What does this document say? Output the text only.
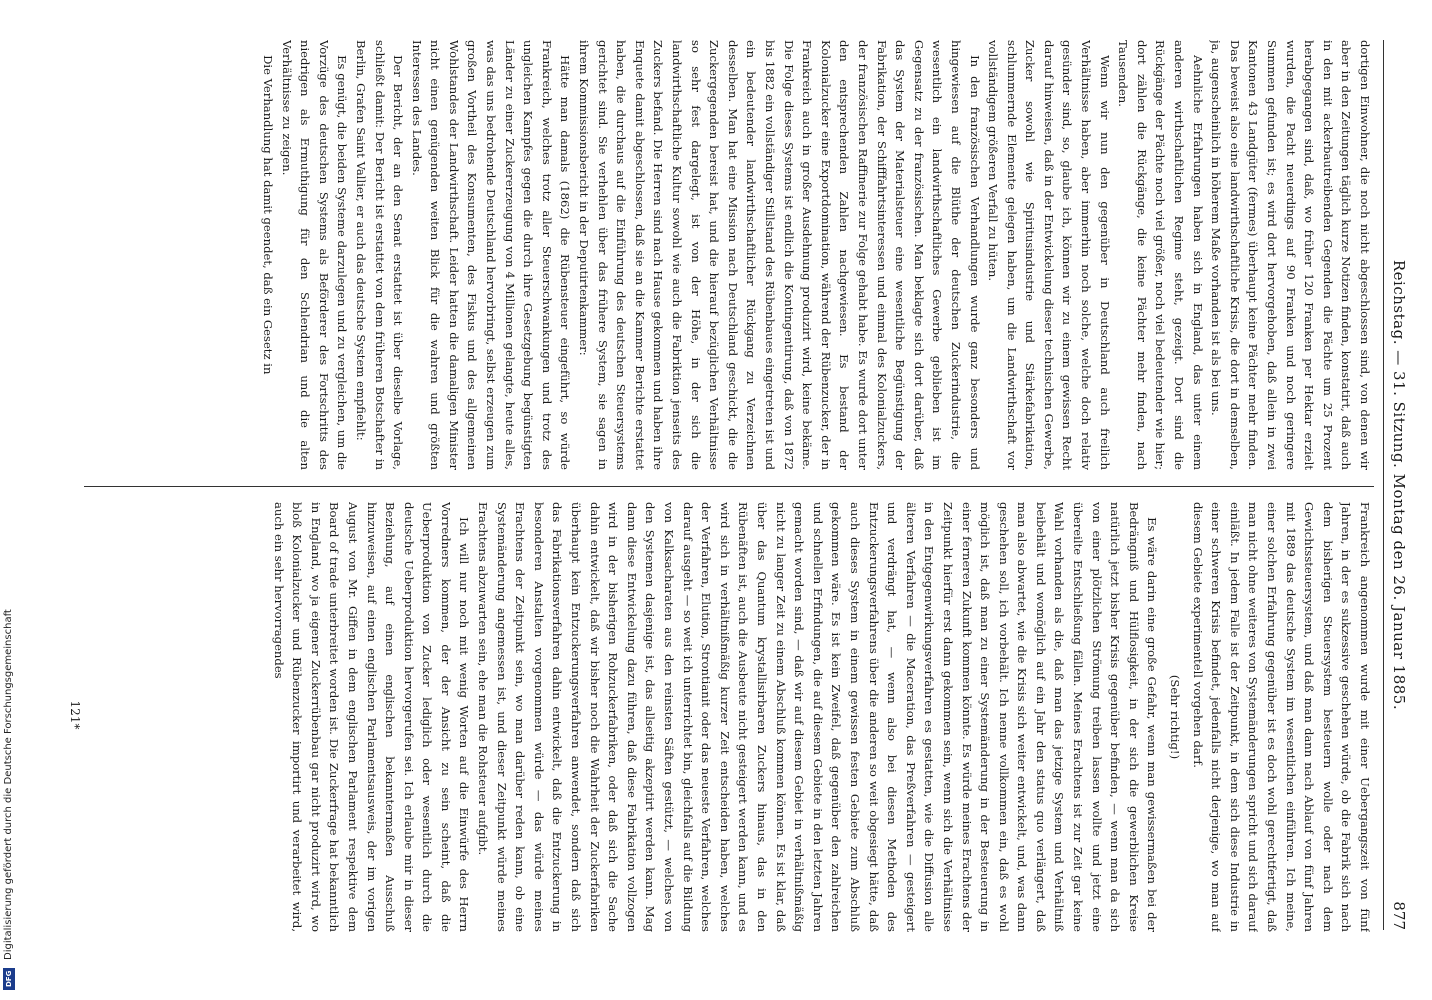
Reichstag. — 31. Sitzung. Montag den 26. Januar 1885.
877

dortigen Einwohner, die noch nicht abgeschlossen sind, von denen wir aber in den Zeitungen täglich kurze Notizen finden, konstatirt, daß auch in den mit ackerbautreibenden Gegenden die Pächte um 25 Prozent herabgegangen sind, daß, wo früher 120 Franken per Hektar erzielt wurden, die Pacht neuerdings auf 90 Franken und noch geringere Summen gefunden ist; es wird dort hervorgehoben, daß allein in zwei Kantonen 43 Landgüter (fermes) überhaupt keine Pächter mehr finden. Das beweist also eine landwirthschaftliche Krisis, die dort in demselben, ja, augenscheinlich in höherem Maße vorhanden ist als bei uns.

Aehnliche Erfahrungen haben sich in England, das unter einem anderen wirthschaftlichen Regime steht, gezeigt. Dort sind die Rückgänge der Pächte noch viel größer, noch viel bedeutender wie hier; dort zählen die Rückgänge, die keine Pächter mehr finden, nach Tausenden.

Wenn wir nun den gegenüber in Deutschland auch freilich Verhältnisse haben, aber immerhin noch solche, welche doch relativ gesünder sind, so, glaube ich, können wir zu einem gewissen Recht darauf hinweisen, daß in der Entwickelung dieser technischen Gewerbe, Zucker sowohl wie Spiritusindustrie und Stärkefabrikation, schlummernde Elemente gelegen haben, um die Landwirthschaft vor vollständigem größeren Verfall zu hüten.

In den französischen Verhandlungen wurde ganz besonders und hingewiesen auf die Blüthe der deutschen Zuckerindustrie, die wesentlich ein landwirthschaftliches Gewerbe geblieben ist im Gegensatz zu der französischen. Man beklagte sich dort darüber, daß das System der Materialsteuer eine wesentliche Begünstigung der Fabrikation, der Schifffahrtsinteressen und einmal des Kolonialzuckers, der französischen Raffinerie zur Folge gehabt habe. Es wurde dort unter den entsprechenden Zahlen nachgewiesen. Es bestand der Kolonialzucker eine Exportdomination, während der Rübenzucker, der in Frankreich auch in großer Ausdehnung produzirt wird, keine bekäme. Die Folge dieses Systems ist endlich die Kontingentirung, daß von 1872 bis 1882 ein vollständiger Stillstand des Rübenbaues eingetreten ist und ein bedeutender landwirthschaftlicher Rückgang zu Verzeichnen desselben. Man hat eine Mission nach Deutschland geschickt, die die Zuckergegenden bereist hat, und die hierauf bezüglichen Verhältnisse so sehr fest dargelegt, ist von der Höhe, in der sich die landwirthschaftliche Kultur sowohl wie auch die Fabriktion jenseits des Zuckers befand. Die Herren sind nach Hause gekommen und haben ihre Enquete damit abgeschlossen, daß sie an die Kammer Berichte erstattet haben, die durchaus auf die Einführung des deutschen Steuersystems gerichtet sind. Sie verhehlen über das frühere System, sie sagen in ihrem Kommissionsbericht in der Deputirtenkammer:

Hätte man damals (1862) die Rübensteuer eingeführt, so würde Frankreich, welches trotz aller Steuerschwankungen und trotz des ungleichen Kampfes gegen die durch ihre Gesetzgebung begünstigten Länder zu einer Zuckererzeugung von 4 Millionen gelangte, heute alles, was das uns bedrohende Deutschland hervorbringt, selbst erzeugen zum großen Vortheil des Konsumenten, des Fiskus und des allgemeinen Wohlstandes der Landwirthschaft. Leider hatten die damaligen Minister nicht einen genügenden weiten Blick für die wahren und größten Interessen des Landes.

Der Bericht, der an den Senat erstattet ist über dieselbe Vorlage, schließt damit: Der Bericht ist erstattet von dem früheren Botschafter in Berlin, Grafen Saint Vallier, er auch das deutsche System empfiehlt:

Es genügt, die beiden Systeme darzulegen und zu vergleichen, um die Vorzüge des deutschen Systems als Beförderer des Fortschritts des niedrigen als Ermuthigung für den Schlendrian und die alten Verhältnisse zu zeigen.

Die Verhandlung hat damit geendet, daß ein Gesetz in

Frankreich angenommen wurde mit einer Uebergangszeit von fünf Jahren, in der es sukzessive geschehen würde, ob die Fabrik sich nach dem bisherigen Steuersystem besteuern wolle oder nach dem Gewichtssteuersystem, und daß man dann nach Ablauf von fünf Jahren mit 1889 das deutsche System im wesentlichen einführen. Ich meine, einer solchen Erfahrung gegenüber ist es doch wohl gerechtfertigt, daß man nicht ohne weiteres von Systemänderungen spricht und sich darauf einläßt. In jedem Falle ist der Zeitpunkt, in dem sich diese Industrie in einer schweren Krisis befindet, jedenfalls nicht derjenige, wo man auf diesem Gebiete experimentell vorgehen darf.

(Sehr richtig!)

Es wäre darin eine große Gefahr, wenn man gewissermaßen bei der Bedrängniß und Hülflosigkeit, in der sich die gewerblichen Kreise natürlich jetzt bisher Krisis gegenüber befinden, — wenn man da sich von einer plötzlichen Strömung treiben lassen wollte und jetzt eine übereilte Entschließung fällen. Meines Erachtens ist zur Zeit gar keine Wahl vorhanden als die, daß man das jetzige System und Verhältniß beibehält und womöglich auf ein Jahr den status quo verlängert, daß man also abwartet, wie die Krisis sich weiter entwickelt, und, was dann geschehen soll, ich vorbehält. Ich nenne vollkommen ein, daß es wohl möglich ist, daß man zu einer Systemänderung in der Besteuerung in einer ferneren Zukunft kommen könnte. Es würde meines Erachtens der Zeitpunkt hierfür erst dann gekommen sein, wenn sich die Verhältnisse in den Entgegenwirkungsverfahren es gestatten, wie die Diffusion alle älteren Verfahren — die Maceration, das Preßverfahren — gesteigert und verdrängt hat, — wenn also bei diesen Methoden des Entzuckerungsverfahrens über die anderen so weit obgesiegt hätte, daß auch dieses System in einem gewissen festen Gebiete zum Abschluß gekommen wäre. Es ist kein Zweifel, daß gegenüber den zahlreichen und schnellen Erfindungen, die auf diesem Gebiete in den letzten Jahren gemacht worden sind, — daß wir auf diesem Gebiet in verhältnißmäßig nicht zu langer Zeit zu einem Abschluß kommen können. Es ist klar, daß über das Quantum krystallisirbaren Zuckers hinaus, das in den Rübenäften ist, auch die Ausbeute nicht gesteigert werden kann, und es wird sich in verhältnißmäßig kurzer Zeit entscheiden haben, welches der Verfahren, Elution, Strontianit oder das neueste Verfahren, welches darauf ausgeht — so weit ich unterrichtet bin, gleichfalls auf die Bildung von Kalksacharaten aus den reinsten Säften gestützt, — welches von den Systemen dasjenige ist, das allseitig akzeptirt werden kann. Mag dann diese Entwickelung dazu führen, daß diese Fabrikation vollzogen wird in der bisherigen Rohzuckerfabriken, oder daß sich die Sache dahin entwickelt, daß wir bisher noch die Wahrheit der Zuckerfabriken überhaupt kein Entzuckerungsverfahren anwendet, sondern daß sich das Fabrikationsverfahren dahin entwickelt, daß die Entzuckerung in besonderen Anstalten vorgenommen würde — das würde meines Erachtens der Zeitpunkt sein, wo man darüber reden kann, ob eine Systemänderung angemessen ist, und dieser Zeitpunkt würde meines Erachtens abzuwarten sein, ehe man die Rohsteuer aufgibt.

Ich will nur noch mit wenig Worten auf die Einwürfe des Herrn Vorredners kommen, der der Ansicht zu sein scheint, daß die Ueberproduktion von Zucker lediglich oder wesentlich durch die deutsche Ueberproduktion hervorgerufen sei. Ich erlaube mir in dieser Beziehung, auf einen englischen bekanntermaßen Ausschuß hinzuweisen, auf einen englischen Parlamentsausweis, der im vorigen August von Mr. Giffen in dem englischen Parlament respektive dem Board of trade unterbreitet worden ist. Die Zuckerfrage hat bekanntlich in England, wo ja eigener Zuckerrübenbau gar nicht produzirt wird, wo bloß Kolonialzucker und Rübenzucker importirt und verarbeitet wird, auch ein sehr hervorragendes

121*
DFG
Digitalisierung gefördert durch die Deutsche Forschungsgemeinschaft
